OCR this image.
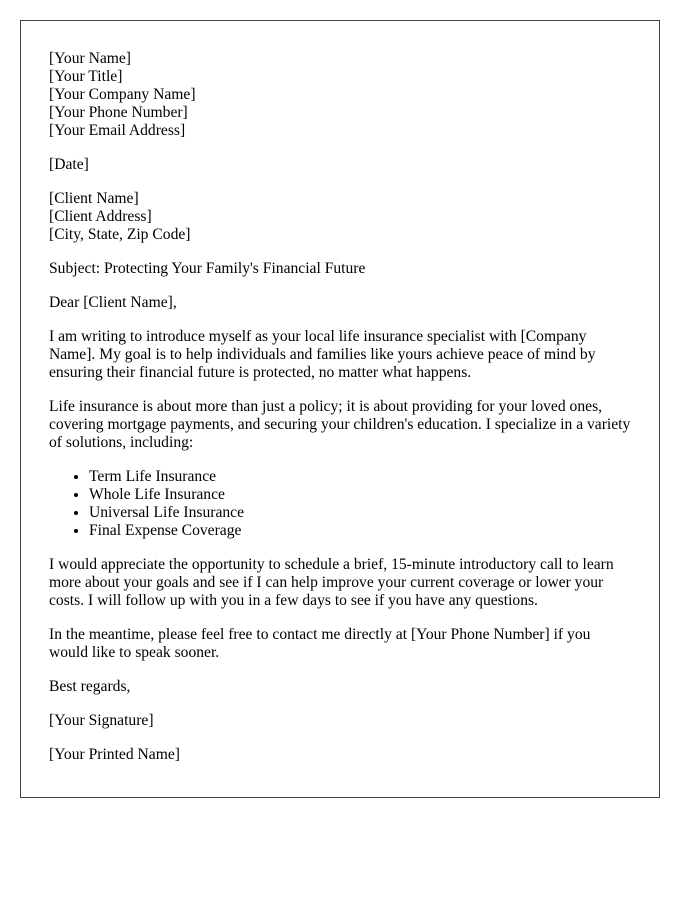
[Your Name]
[Your Title]
[Your Company Name]
[Your Phone Number]
[Your Email Address]

[Date]

[Client Name]
[Client Address]
[City, State, Zip Code]

Subject: Protecting Your Family's Financial Future

Dear [Client Name],

I am writing to introduce myself as your local life insurance specialist with [Company Name]. My goal is to help individuals and families like yours achieve peace of mind by ensuring their financial future is protected, no matter what happens.

Life insurance is about more than just a policy; it is about providing for your loved ones, covering mortgage payments, and securing your children's education. I specialize in a variety of solutions, including:

• Term Life Insurance
• Whole Life Insurance
• Universal Life Insurance
• Final Expense Coverage

I would appreciate the opportunity to schedule a brief, 15-minute introductory call to learn more about your goals and see if I can help improve your current coverage or lower your costs. I will follow up with you in a few days to see if you have any questions.

In the meantime, please feel free to contact me directly at [Your Phone Number] if you would like to speak sooner.

Best regards,

[Your Signature]

[Your Printed Name]
